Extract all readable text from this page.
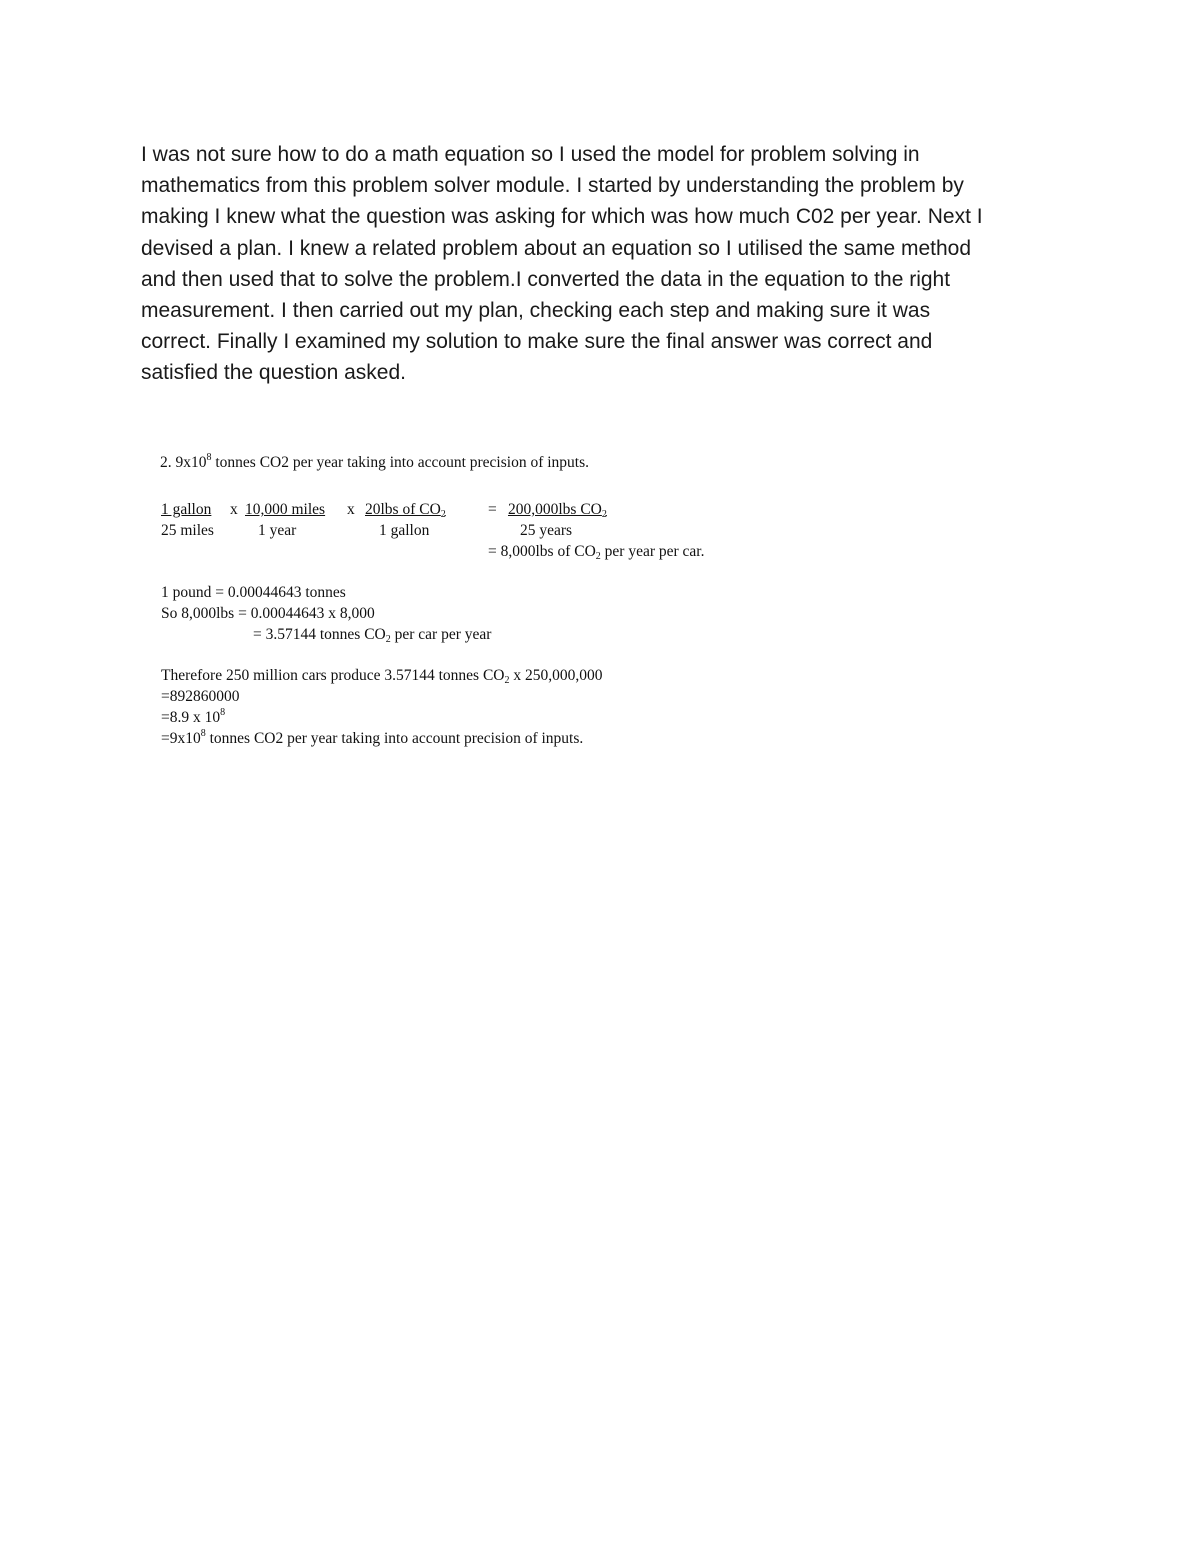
I was not sure how to do a math equation so I used the model for problem solving in
mathematics from this problem solver module. I started by understanding the problem by
making I knew what the question was asking for which was how much C02 per year. Next I
devised a plan. I knew a related problem about an equation so I utilised the same method
and then used that to solve the problem.I converted the data in the equation to the right
measurement. I then carried out my plan, checking each step and making sure it was
correct. Finally I examined my solution to make sure the final answer was correct and
satisfied the question asked.
2. $9x10^8$ tonnes CO2 per year taking into account precision of inputs.
1 gallon
25 miles
x 10,000 miles
1 year
x 20lbs of $CO_2$
1 gallon
= 200,000lbs $CO_2$
25 years
= 8,000lbs of $CO_2$ per year per car.
1 pound = 0.00044643 tonnes
So 8,000lbs = 0.00044643 x 8,000
= 3.57144 tonnes $CO_2$ per car per year
Therefore 250 million cars produce 3.57144 tonnes $CO_2$ x 250,000,000
=892860000
=8.9 x $10^8$
$=9x10^8$ tonnes CO2 per year taking into account precision of inputs.
